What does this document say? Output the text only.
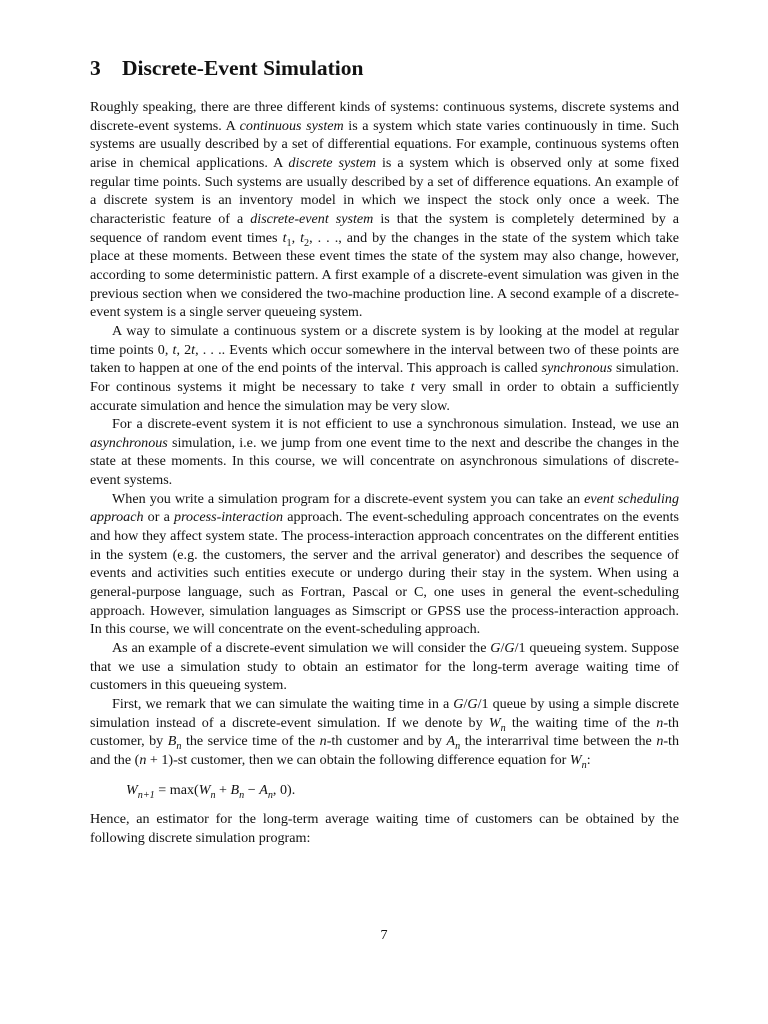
3 Discrete-Event Simulation

Roughly speaking, there are three different kinds of systems: continuous systems, discrete systems and discrete-event systems. A continuous system is a system which state varies continuously in time. Such systems are usually described by a set of differential equations. For example, continuous systems often arise in chemical applications. A discrete system is a system which is observed only at some fixed regular time points. Such systems are usually described by a set of difference equations. An example of a discrete system is an inventory model in which we inspect the stock only once a week. The characteristic feature of a discrete-event system is that the system is completely determined by a sequence of random event times $t_1$, $t_2$, . . ., and by the changes in the state of the system which take place at these moments. Between these event times the state of the system may also change, however, according to some deterministic pattern. A first example of a discrete-event simulation was given in the previous section when we considered the two-machine production line. A second example of a discrete-event system is a single server queueing system.

A way to simulate a continuous system or a discrete system is by looking at the model at regular time points 0, t, 2t, . . .. Events which occur somewhere in the interval between two of these points are taken to happen at one of the end points of the interval. This approach is called synchronous simulation. For continous systems it might be necessary to take t very small in order to obtain a sufficiently accurate simulation and hence the simulation may be very slow.

For a discrete-event system it is not efficient to use a synchronous simulation. Instead, we use an asynchronous simulation, i.e. we jump from one event time to the next and describe the changes in the state at these moments. In this course, we will concentrate on asynchronous simulations of discrete-event systems.

When you write a simulation program for a discrete-event system you can take an event scheduling approach or a process-interaction approach. The event-scheduling approach concentrates on the events and how they affect system state. The process-interaction approach concentrates on the different entities in the system (e.g. the customers, the server and the arrival generator) and describes the sequence of events and activities such entities execute or undergo during their stay in the system. When using a general-purpose language, such as Fortran, Pascal or C, one uses in general the event-scheduling approach. However, simulation languages as Simscript or GPSS use the process-interaction approach. In this course, we will concentrate on the event-scheduling approach.

As an example of a discrete-event simulation we will consider the G/G/1 queueing system. Suppose that we use a simulation study to obtain an estimator for the long-term average waiting time of customers in this queueing system.

First, we remark that we can simulate the waiting time in a G/G/1 queue by using a simple discrete simulation instead of a discrete-event simulation. If we denote by $W_n$ the waiting time of the n-th customer, by $B_n$ the service time of the n-th customer and by $A_n$ the interarrival time between the n-th and the (n + 1)-st customer, then we can obtain the following difference equation for $W_n$:

$W_{n+1} = \max(W_n + B_n - A_n$, 0).

Hence, an estimator for the long-term average waiting time of customers can be obtained by the following discrete simulation program:

7
